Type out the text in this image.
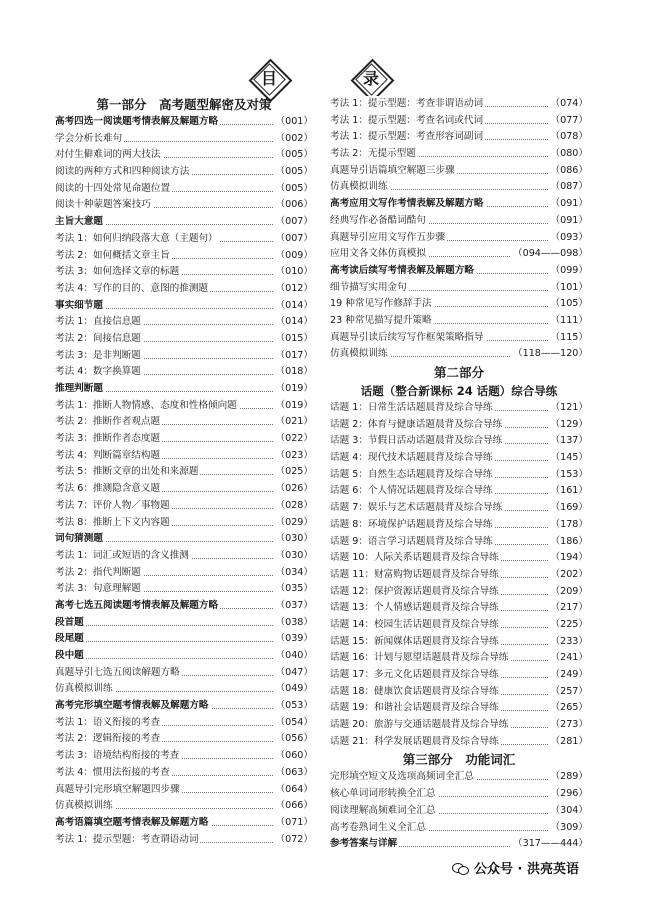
目	录
第一部分　高考题型解密及对策
高考四选一阅读题考情表解及解题方略	（001）
学会分析长难句	（002）
对付生僻难词的两大技法	（005）
阅读的两种方式和四种阅读方法	（005）
阅读的十四处常见命题位置	（005）
阅读十种蒙题答案技巧	（006）
主旨大意题	（007）
考法 1：如何归纳段落大意（主题句）	（007）
考法 2：如何概括文章主旨	（009）
考法 3：如何选择文章的标题	（010）
考法 4：写作的目的、意图的推测题	（012）
事实细节题	（014）
考法 1：直接信息题	（014）
考法 2：间接信息题	（015）
考法 3：是非判断题	（017）
考法 4：数字换算题	（018）
推理判断题	（019）
考法 1：推断人物情感、态度和性格倾向题	（019）
考法 2：推断作者观点题	（021）
考法 3：推断作者态度题	（022）
考法 4：判断篇章结构题	（023）
考法 5：推断文章的出处和来源题	（025）
考法 6：推测隐含意义题	（026）
考法 7：评价人物／事物题	（028）
考法 8：推断上下文内容题	（029）
词句猜测题	（030）
考法 1：词汇或短语的含义推测	（030）
考法 2：指代判断题	（034）
考法 3：句意理解题	（035）
高考七选五阅读题考情表解及解题方略	（037）
段首题	（038）
段尾题	（039）
段中题	（040）
真题导引七选五阅读解题方略	（047）
仿真模拟训练	（049）
高考完形填空题考情表解及解题方略	（053）
考法 1：语义衔接的考查	（054）
考法 2：逻辑衔接的考查	（056）
考法 3：语境结构衔接的考查	（060）
考法 4：惯用法衔接的考查	（063）
真题导引完形填空解题四步骤	（064）
仿真模拟训练	（066）
高考语篇填空题考情表解及解题方略	（071）
考法 1：提示型题：考查谓语动词	（072）
考法 1：提示型题：考查非谓语动词	（074）
考法 1：提示型题：考查名词或代词	（077）
考法 1：提示型题：考查形容词副词	（078）
考法 2：无提示型题	（080）
真题导引语篇填空解题三步骤	（086）
仿真模拟训练	（087）
高考应用文写作考情表解及解题方略	（091）
经典写作必备酷词酷句	（091）
真题导引应用文写作五步骤	（093）
应用文各文体仿真模拟	（094——098）
高考读后续写考情表解及解题方略	（099）
细节描写实用金句	（101）
19 种常见写作修辞手法	（105）
23 种常见描写提升策略	（111）
真题导引读后续写写作框架策略指导	（115）
仿真模拟训练	（118——120）
第二部分
话题（整合新课标 24 话题）综合导练
话题 1：日常生活话题晨背及综合导练	（121）
话题 2：体育与健康话题晨背及综合导练	（129）
话题 3：节假日活动话题晨背及综合导练	（137）
话题 4：现代技术话题晨背及综合导练	（145）
话题 5：自然生态话题晨背及综合导练	（153）
话题 6：个人情况话题晨背及综合导练	（161）
话题 7：娱乐与艺术话题晨背及综合导练	（169）
话题 8：环境保护话题晨背及综合导练	（178）
话题 9：语言学习话题晨背及综合导练	（186）
话题 10：人际关系话题晨背及综合导练	（194）
话题 11：财富购物话题晨背及综合导练	（202）
话题 12：保护资源话题晨背及综合导练	（209）
话题 13：个人情感话题晨背及综合导练	（217）
话题 14：校园生活话题晨背及综合导练	（225）
话题 15：新闻媒体话题晨背及综合导练	（233）
话题 16：计划与愿望话题晨背及综合导练	（241）
话题 17：多元文化话题晨背及综合导练	（249）
话题 18：健康饮食话题晨背及综合导练	（257）
话题 19：和谐社会话题晨背及综合导练	（265）
话题 20：旅游与交通话题晨背及综合导练	（273）
话题 21：科学发展话题晨背及综合导练	（281）
第三部分　功能词汇
完形填空短文及选项高频词全汇总	（289）
核心单词词形转换全汇总	（296）
阅读理解高频难词全汇总	（304）
高考卷熟词生义全汇总	（309）
参考答案与详解	（317——444）
公众号 · 洪亮英语
